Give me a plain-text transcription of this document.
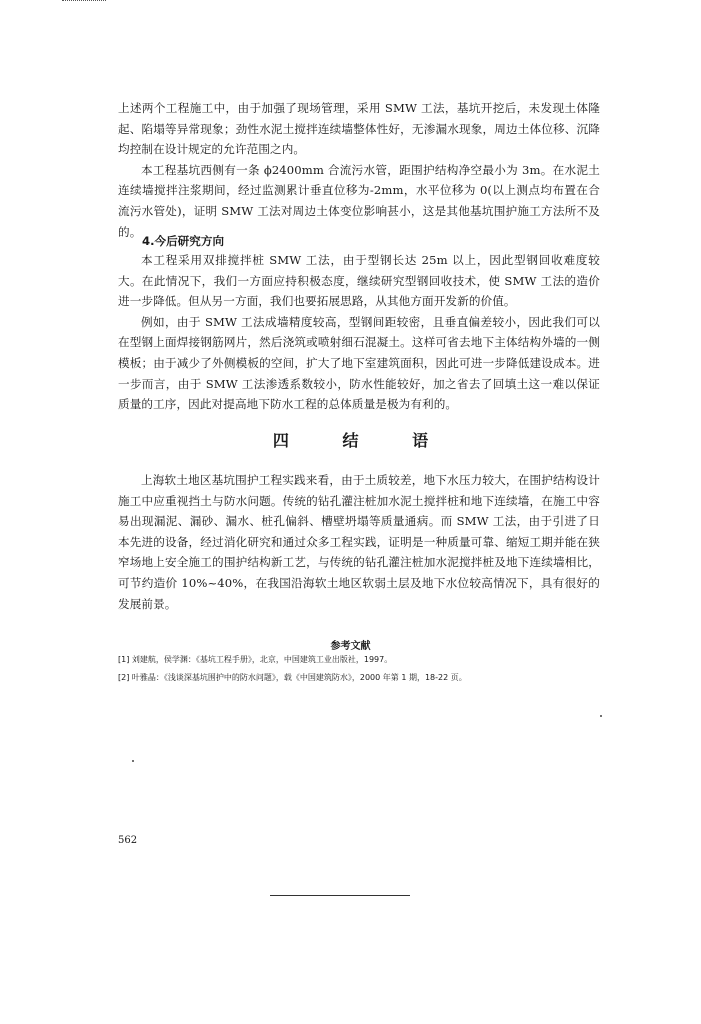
上述两个工程施工中，由于加强了现场管理，采用 SMW 工法，基坑开挖后，未发现土体隆起、陷塌等异常现象；劲性水泥土搅拌连续墙整体性好，无渗漏水现象，周边土体位移、沉降均控制在设计规定的允许范围之内。

本工程基坑西侧有一条 ϕ2400mm 合流污水管，距围护结构净空最小为 3m。在水泥土连续墙搅拌注浆期间，经过监测累计垂直位移为-2mm，水平位移为 0(以上测点均布置在合流污水管处)，证明 SMW 工法对周边土体变位影响甚小，这是其他基坑围护施工方法所不及的。

4.今后研究方向

本工程采用双排搅拌桩 SMW 工法，由于型钢长达 25m 以上，因此型钢回收难度较大。在此情况下，我们一方面应持积极态度，继续研究型钢回收技术，使 SMW 工法的造价进一步降低。但从另一方面，我们也要拓展思路，从其他方面开发新的价值。

例如，由于 SMW 工法成墙精度较高，型钢间距较密，且垂直偏差较小，因此我们可以在型钢上面焊接钢筋网片，然后浇筑或喷射细石混凝土。这样可省去地下主体结构外墙的一侧模板；由于减少了外侧模板的空间，扩大了地下室建筑面积，因此可进一步降低建设成本。进一步而言，由于 SMW 工法渗透系数较小，防水性能较好，加之省去了回填土这一难以保证质量的工序，因此对提高地下防水工程的总体质量是极为有利的。

四 结 语

上海软土地区基坑围护工程实践来看，由于土质较差，地下水压力较大，在围护结构设计施工中应重视挡土与防水问题。传统的钻孔灌注桩加水泥土搅拌桩和地下连续墙，在施工中容易出现漏泥、漏砂、漏水、桩孔偏斜、槽壁坍塌等质量通病。而 SMW 工法，由于引进了日本先进的设备，经过消化研究和通过众多工程实践，证明是一种质量可靠、缩短工期并能在狭窄场地上安全施工的围护结构新工艺，与传统的钻孔灌注桩加水泥搅拌桩及地下连续墙相比，可节约造价 10%~40%，在我国沿海软土地区软弱土层及地下水位较高情况下，具有很好的发展前景。

参考文献
[1] 刘建航，侯学渊：《基坑工程手册》，北京，中国建筑工业出版社，1997。
[2] 叶雅晶：《浅谈深基坑围护中的防水问题》，载《中国建筑防水》，2000 年第 1 期，18-22 页。
562
